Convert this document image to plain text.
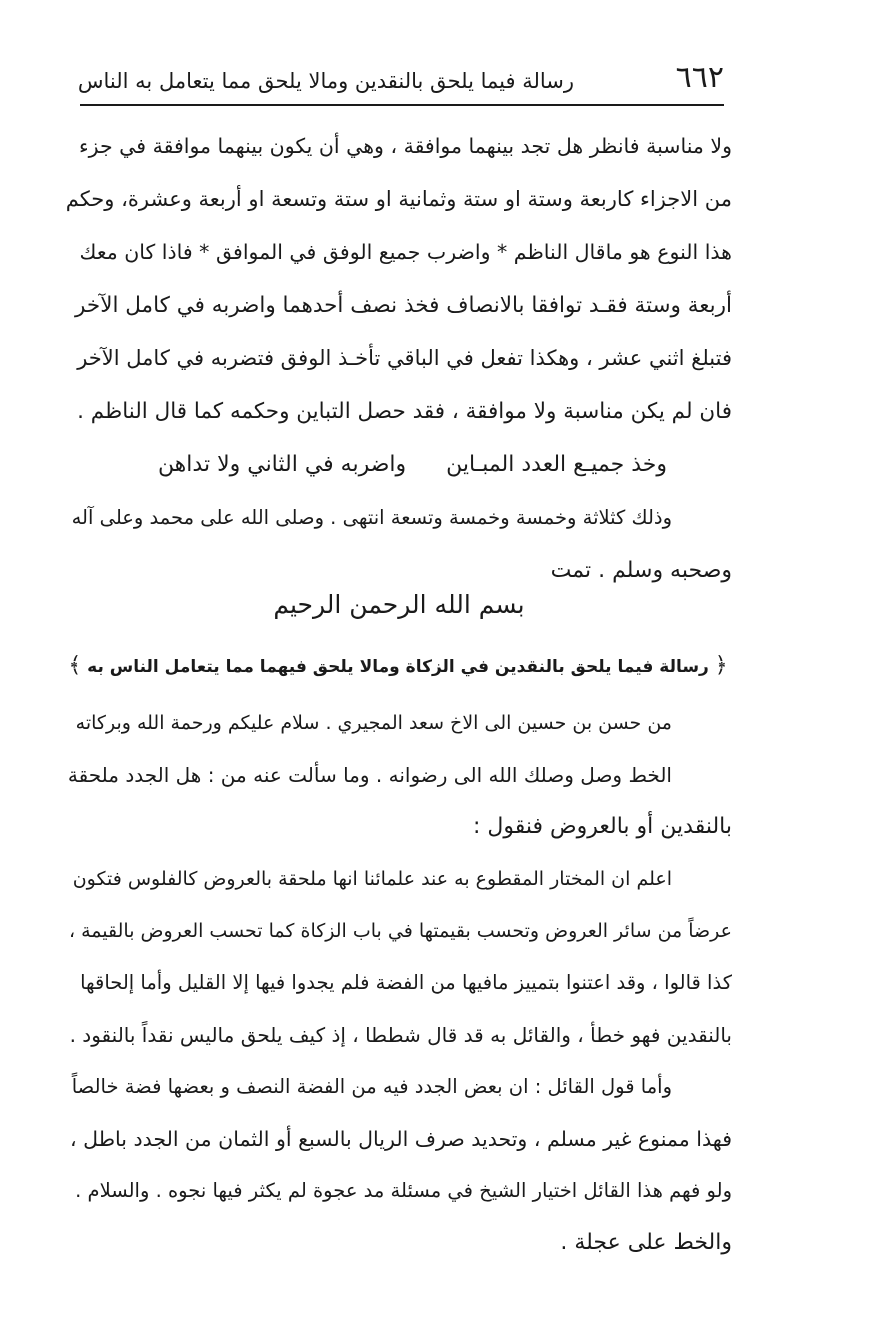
٦٦٢
رسالة فيما يلحق بالنقدين ومالا يلحق مما يتعامل به الناس
ولا مناسبة فانظر هل تجد بينهما موافقة ، وهي أن يكون بينهما موافقة في جزء
من الاجزاء كاربعة وستة او ستة وثمانية او ستة وتسعة او أربعة وعشرة، وحكم
هذا النوع هو ماقال الناظم * واضرب جميع الوفق في الموافق * فاذا كان معك
أربعة وستة فقـد توافقا بالانصاف فخذ نصف أحدهما واضربه في كامل الآخر
فتبلغ اثني عشر ، وهكذا تفعل في الباقي تأخـذ الوفق فتضربه في كامل الآخر
فان لم يكن مناسبة ولا موافقة ، فقد حصل التباين وحكمه كما قال الناظم .
وخذ جميـع العدد المبـاين
واضربه في الثاني ولا تداهن
وذلك كثلاثة وخمسة وخمسة وتسعة انتهى . وصلى الله على محمد وعلى آله
وصحبه وسلم . تمت
بسم الله الرحمن الرحيم
﴿ رسالة فيما يلحق بالنقدين في الزكاة ومالا يلحق فيهما مما يتعامل الناس به ﴾
من حسن بن حسين الى الاخ سعد المجيري . سلام عليكم ورحمة الله وبركاته
الخط وصل وصلك الله الى رضوانه . وما سألت عنه من : هل الجدد ملحقة
بالنقدين أو بالعروض فنقول :
اعلم ان المختار المقطوع به عند علمائنا انها ملحقة بالعروض كالفلوس فتكون
عرضاً من سائر العروض وتحسب بقيمتها في باب الزكاة كما تحسب العروض بالقيمة ،
كذا قالوا ، وقد اعتنوا بتمييز مافيها من الفضة فلم يجدوا فيها إلا القليل وأما إلحاقها
بالنقدين فهو خطأ ، والقائل به قد قال شططا ، إذ كيف يلحق ماليس نقداً بالنقود .
وأما قول القائل : ان بعض الجدد فيه من الفضة النصف و بعضها فضة خالصاً
فهذا ممنوع غير مسلم ، وتحديد صرف الريال بالسبع أو الثمان من الجدد باطل ،
ولو فهم هذا القائل اختيار الشيخ في مسئلة مد عجوة لم يكثر فيها نجوه . والسلام .
والخط على عجلة .
